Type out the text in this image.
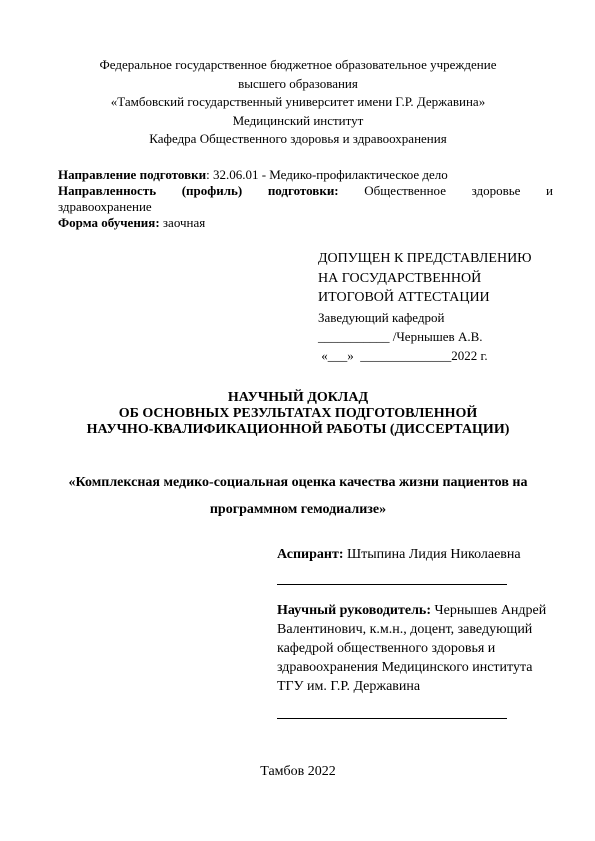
Федеральное государственное бюджетное образовательное учреждение
высшего образования
«Тамбовский государственный университет имени Г.Р. Державина»
Медицинский институт
Кафедра Общественного здоровья и здравоохранения
Направление подготовки: 32.06.01 - Медико-профилактическое дело
Направленность (профиль) подготовки: Общественное здоровье и
здравоохранение
Форма обучения: заочная
ДОПУЩЕН К ПРЕДСТАВЛЕНИЮ
НА ГОСУДАРСТВЕННОЙ
ИТОГОВОЙ АТТЕСТАЦИИ
Заведующий кафедрой
___________ /Чернышев А.В.
«___»  ______________2022 г.
НАУЧНЫЙ ДОКЛАД
ОБ ОСНОВНЫХ РЕЗУЛЬТАТАХ ПОДГОТОВЛЕННОЙ
НАУЧНО-КВАЛИФИКАЦИОННОЙ РАБОТЫ (ДИССЕРТАЦИИ)
«Комплексная медико-социальная оценка качества жизни пациентов на
программном гемодиализе»
Аспирант: Штыпина Лидия Николаевна
Научный руководитель: Чернышев Андрей
Валентинович, к.м.н., доцент, заведующий
кафедрой общественного здоровья и
здравоохранения Медицинского института
ТГУ им. Г.Р. Державина
Тамбов 2022
